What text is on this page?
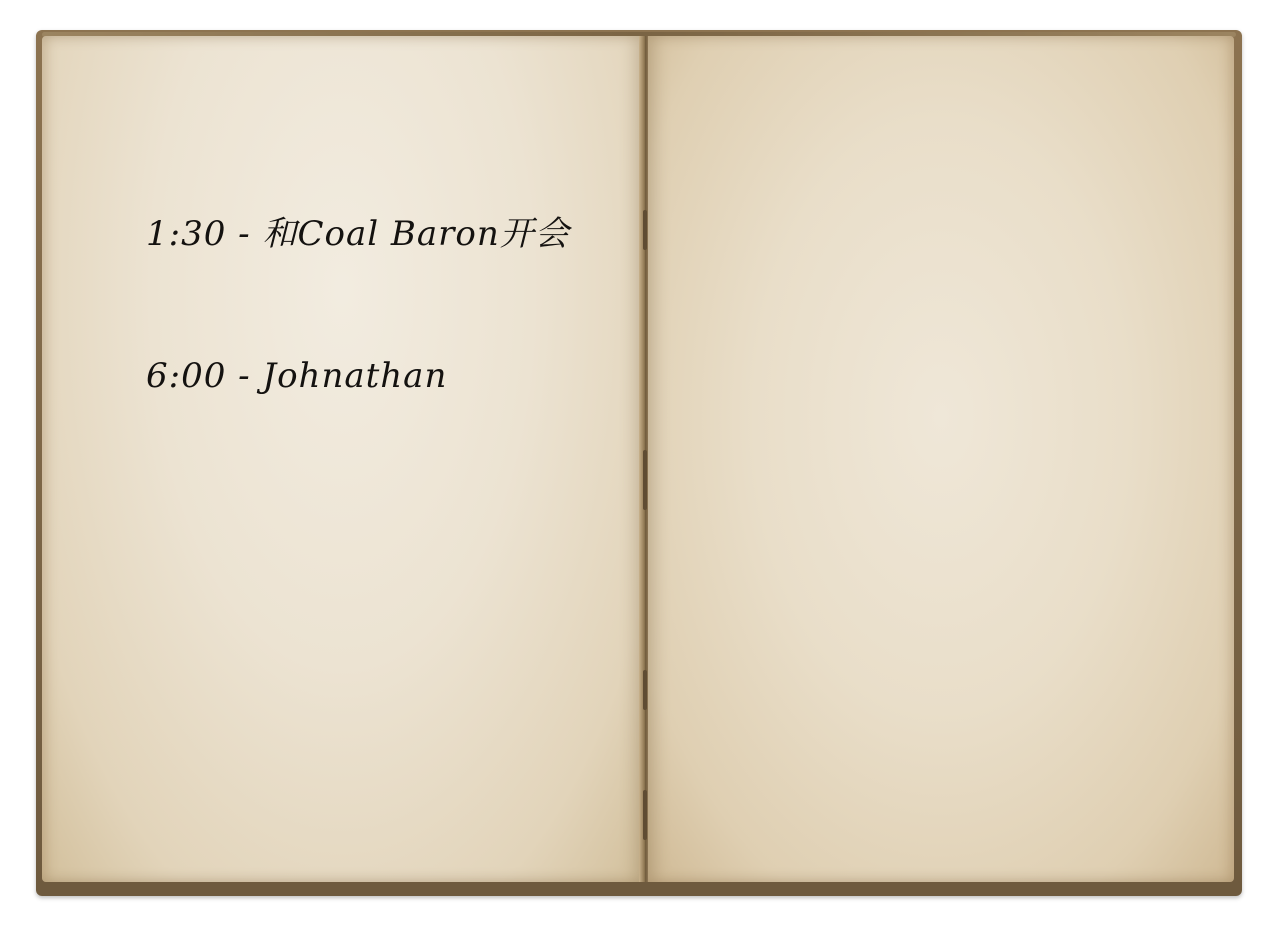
1:30 - 和Coal Baron开会
6:00 - Johnathan
